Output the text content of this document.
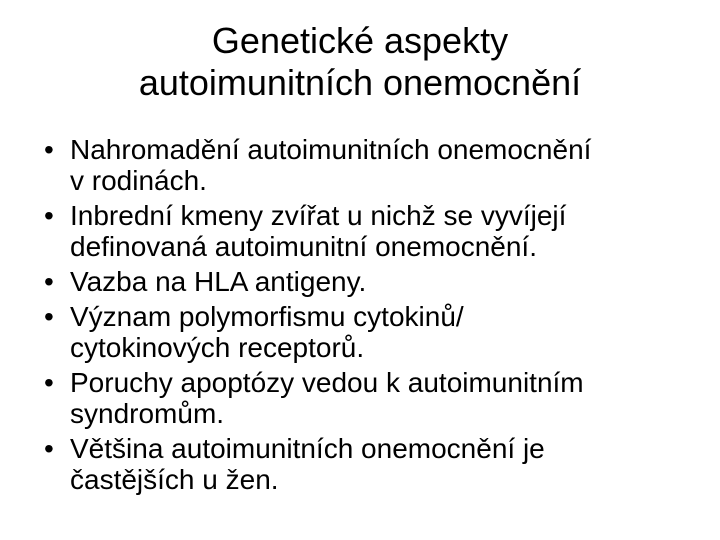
Genetické aspekty
autoimunitních onemocnění
• Nahromadění autoimunitních onemocnění
v rodinách.
• Inbrední kmeny zvířat u nichž se vyvíjejí
definovaná autoimunitní onemocnění.
• Vazba na HLA antigeny.
• Význam polymorfismu cytokinů/
cytokinových receptorů.
• Poruchy apoptózy vedou k autoimunitním
syndromům.
• Většina autoimunitních onemocnění je
častějších u žen.
